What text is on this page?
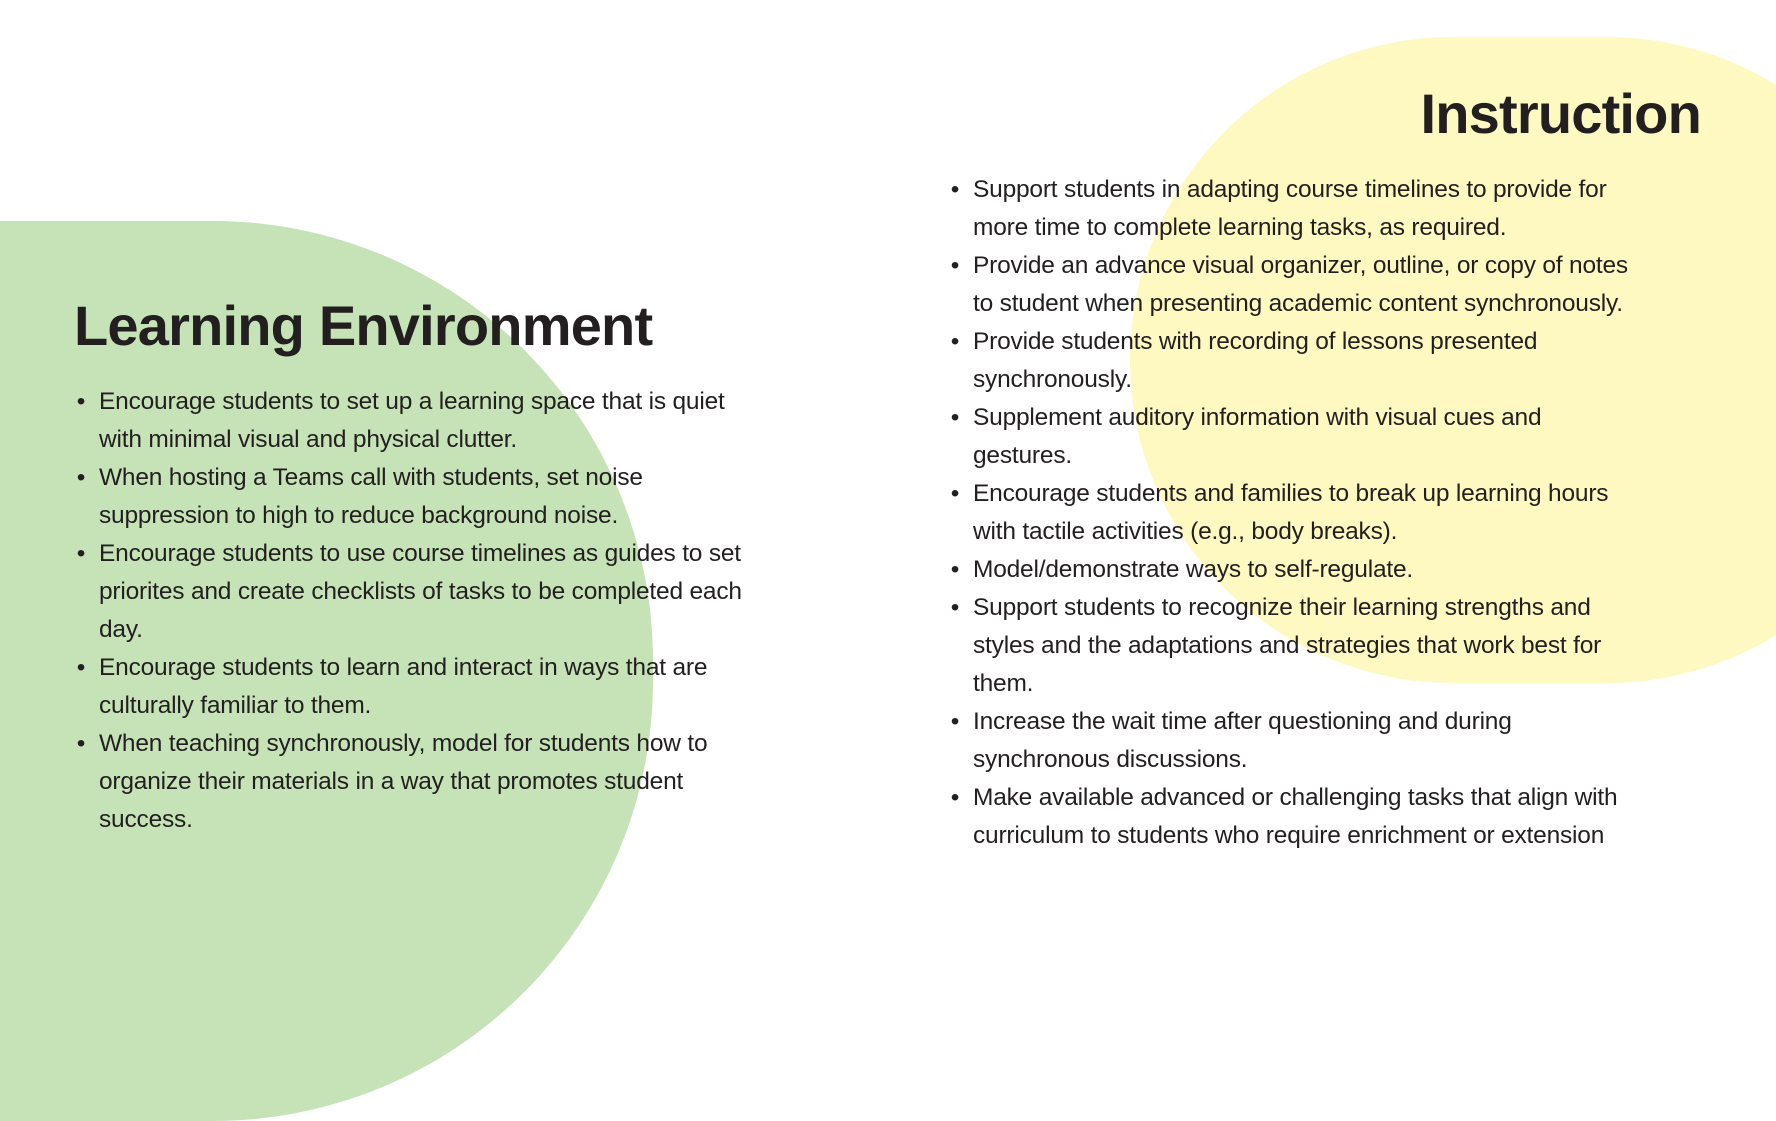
Learning Environment
• Encourage students to set up a learning space that is quiet
with minimal visual and physical clutter.
• When hosting a Teams call with students, set noise
suppression to high to reduce background noise.
• Encourage students to use course timelines as guides to set
priorites and create checklists of tasks to be completed each
day.
• Encourage students to learn and interact in ways that are
culturally familiar to them.
• When teaching synchronously, model for students how to
organize their materials in a way that promotes student
success.
Instruction
• Support students in adapting course timelines to provide for
more time to complete learning tasks, as required.
• Provide an advance visual organizer, outline, or copy of notes
to student when presenting academic content synchronously.
• Provide students with recording of lessons presented
synchronously.
• Supplement auditory information with visual cues and
gestures.
• Encourage students and families to break up learning hours
with tactile activities (e.g., body breaks).
• Model/demonstrate ways to self-regulate.
• Support students to recognize their learning strengths and
styles and the adaptations and strategies that work best for
them.
• Increase the wait time after questioning and during
synchronous discussions.
• Make available advanced or challenging tasks that align with
curriculum to students who require enrichment or extension
